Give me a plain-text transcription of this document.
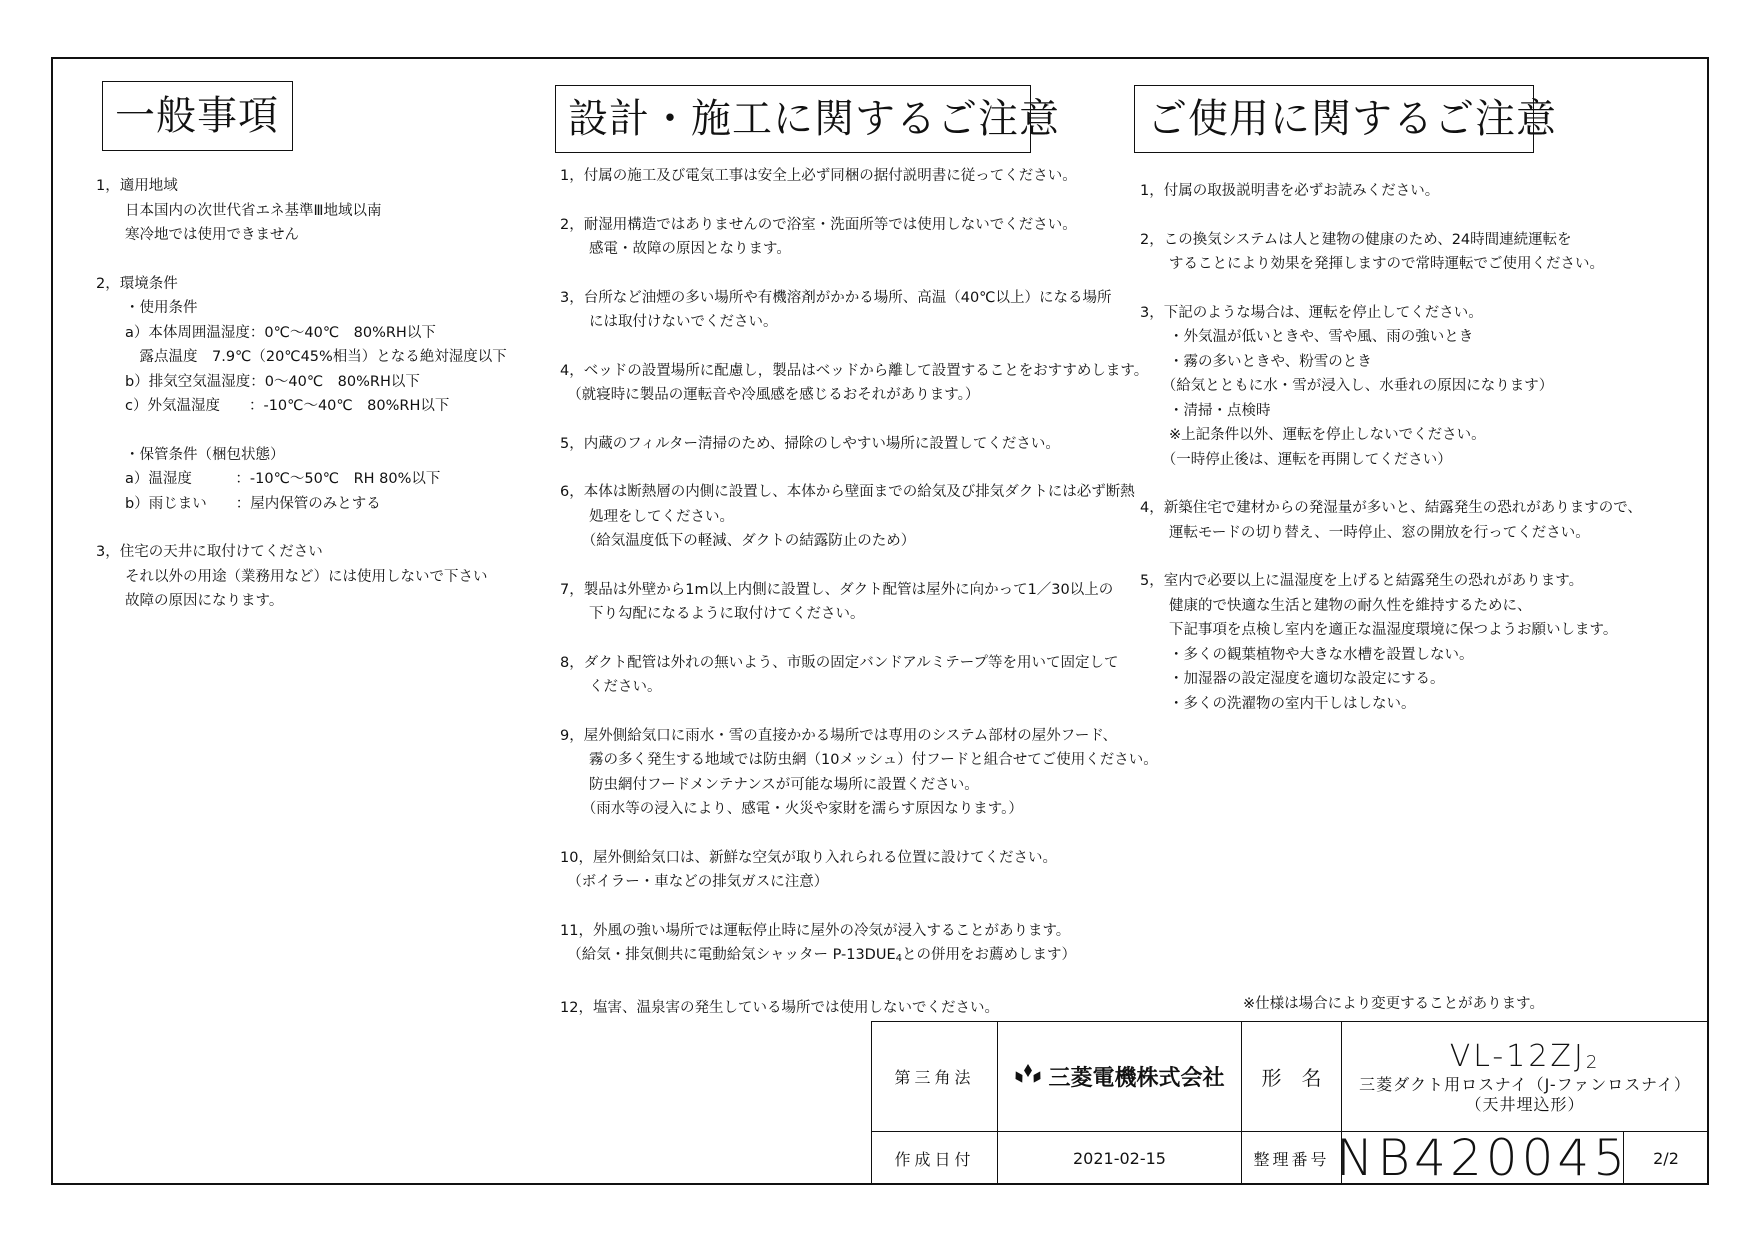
一般事項	設計・施工に関するご注意	ご使用に関するご注意
1，適用地域
　　日本国内の次世代省エネ基準Ⅲ地域以南
　　寒冷地では使用できません
2，環境条件
　　・使用条件
　　a）本体周囲温湿度：0℃～40℃　80%RH以下
　　　露点温度　7.9℃（20℃45%相当）となる絶対湿度以下
　　b）排気空気温湿度：0～40℃　80%RH以下
　　c）外気温湿度　　：-10℃～40℃　80%RH以下
　　・保管条件（梱包状態）
　　a）温湿度　　　：-10℃～50℃　RH 80%以下
　　b）雨じまい　　：屋内保管のみとする
3，住宅の天井に取付けてください
　　それ以外の用途（業務用など）には使用しないで下さい
　　故障の原因になります。
1，付属の施工及び電気工事は安全上必ず同梱の据付説明書に従ってください。
2，耐湿用構造ではありませんので浴室・洗面所等では使用しないでください。
　　感電・故障の原因となります。
3，台所など油煙の多い場所や有機溶剤がかかる場所、高温（40℃以上）になる場所
　　には取付けないでください。
4，ベッドの設置場所に配慮し，製品はベッドから離して設置することをおすすめします。
　（就寝時に製品の運転音や冷風感を感じるおそれがあります。）
5，内蔵のフィルター清掃のため、掃除のしやすい場所に設置してください。
6，本体は断熱層の内側に設置し、本体から壁面までの給気及び排気ダクトには必ず断熱
　　処理をしてください。
　　（給気温度低下の軽減、ダクトの結露防止のため）
7，製品は外壁から1m以上内側に設置し、ダクト配管は屋外に向かって1／30以上の
　　下り勾配になるように取付けてください。
8，ダクト配管は外れの無いよう、市販の固定バンドアルミテープ等を用いて固定して
　　ください。
9，屋外側給気口に雨水・雪の直接かかる場所では専用のシステム部材の屋外フード、
　　霧の多く発生する地域では防虫網（10メッシュ）付フードと組合せてご使用ください。
　　防虫網付フードメンテナンスが可能な場所に設置ください。
　　（雨水等の浸入により、感電・火災や家財を濡らす原因なります。）
10，屋外側給気口は、新鮮な空気が取り入れられる位置に設けてください。
　（ボイラー・車などの排気ガスに注意）
11，外風の強い場所では運転停止時に屋外の冷気が浸入することがあります。
　（給気・排気側共に電動給気シャッター $P-13DUE_4$との併用をお薦めします）
12，塩害、温泉害の発生している場所では使用しないでください。
1，付属の取扱説明書を必ずお読みください。
2，この換気システムは人と建物の健康のため、24時間連続運転を
　　することにより効果を発揮しますので常時運転でご使用ください。
3，下記のような場合は、運転を停止してください。
　　・外気温が低いときや、雪や風、雨の強いとき
　　・霧の多いときや、粉雪のとき
　　（給気とともに水・雪が浸入し、水垂れの原因になります）
　　・清掃・点検時
　　※上記条件以外、運転を停止しないでください。
　　（一時停止後は、運転を再開してください）
4，新築住宅で建材からの発湿量が多いと、結露発生の恐れがありますので、
　　運転モードの切り替え、一時停止、窓の開放を行ってください。
5，室内で必要以上に温湿度を上げると結露発生の恐れがあります。
　　健康的で快適な生活と建物の耐久性を維持するために、
　　下記事項を点検し室内を適正な温湿度環境に保つようお願いします。
　　・多くの観葉植物や大きな水槽を設置しない。
　　・加湿器の設定湿度を適切な設定にする。
　　・多くの洗濯物の室内干しはしない。
※仕様は場合により変更することがあります。
第三角法	三菱電機株式会社 形　名
$VL-12ZJ_2$
三菱ダクト用ロスナイ（J-ファンロスナイ）
（天井埋込形）
作成日付	2021-02-15	整理番号 NB420045 2/2
